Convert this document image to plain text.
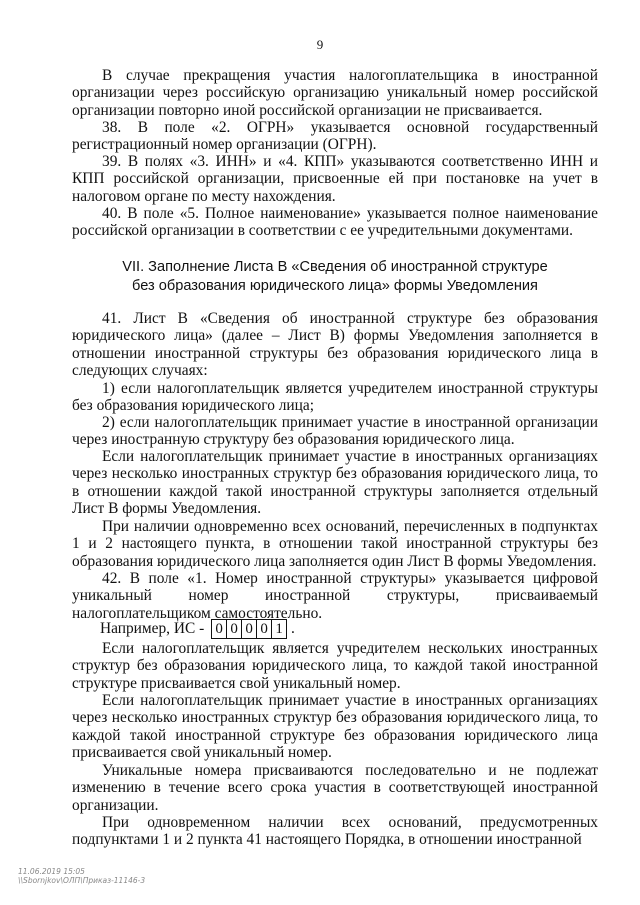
9

В случае прекращения участия налогоплательщика в иностранной организации через российскую организацию уникальный номер российской организации повторно иной российской организации не присваивается.

38. В поле «2. ОГРН» указывается основной государственный регистрационный номер организации (ОГРН).

39. В полях «3. ИНН» и «4. КПП» указываются соответственно ИНН и КПП российской организации, присвоенные ей при постановке на учет в налоговом органе по месту нахождения.

40. В поле «5. Полное наименование» указывается полное наименование российской организации в соответствии с ее учредительными документами.

VII. Заполнение Листа В «Сведения об иностранной структуре без образования юридического лица» формы Уведомления

41. Лист В «Сведения об иностранной структуре без образования юридического лица» (далее – Лист В) формы Уведомления заполняется в отношении иностранной структуры без образования юридического лица в следующих случаях:

1) если налогоплательщик является учредителем иностранной структуры без образования юридического лица;

2) если налогоплательщик принимает участие в иностранной организации через иностранную структуру без образования юридического лица.

Если налогоплательщик принимает участие в иностранных организациях через несколько иностранных структур без образования юридического лица, то в отношении каждой такой иностранной структуры заполняется отдельный Лист В формы Уведомления.

При наличии одновременно всех оснований, перечисленных в подпунктах 1 и 2 настоящего пункта, в отношении такой иностранной структуры без образования юридического лица заполняется один Лист В формы Уведомления.

42. В поле «1. Номер иностранной структуры» указывается цифровой уникальный номер иностранной структуры, присваиваемый налогоплательщиком самостоятельно.

Например, ИС - 0 0 0 0 1 .

Если налогоплательщик является учредителем нескольких иностранных структур без образования юридического лица, то каждой такой иностранной структуре присваивается свой уникальный номер.

Если налогоплательщик принимает участие в иностранных организациях через несколько иностранных структур без образования юридического лица, то каждой такой иностранной структуре без образования юридического лица присваивается свой уникальный номер.

Уникальные номера присваиваются последовательно и не подлежат изменению в течение всего срока участия в соответствующей иностранной организации.

При одновременном наличии всех оснований, предусмотренных подпунктами 1 и 2 пункта 41 настоящего Порядка, в отношении иностранной

11.06.2019 15:05
\\Sbornjkov\ОЛП\Приказ-11146-3
